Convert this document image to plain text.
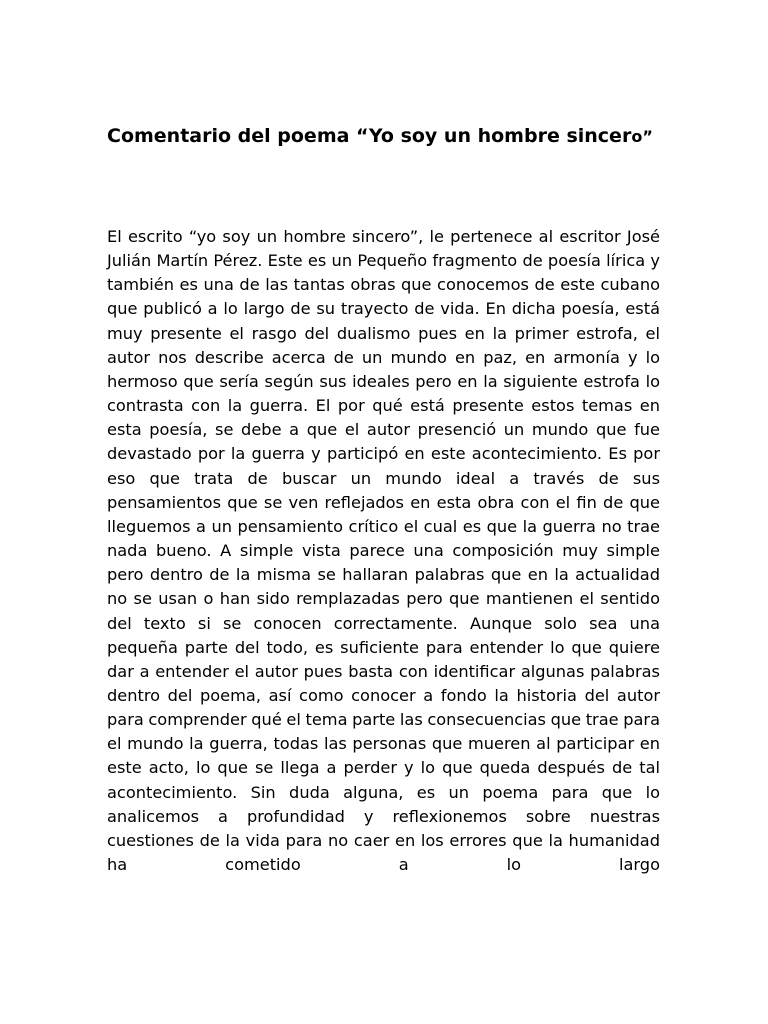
Comentario del poema “Yo soy un hombre sincero”

El escrito “yo soy un hombre sincero”, le pertenece al escritor José Julián Martín Pérez. Este es un Pequeño fragmento de poesía lírica y también es una de las tantas obras que conocemos de este cubano que publicó a lo largo de su trayecto de vida. En dicha poesía, está muy presente el rasgo del dualismo pues en la primer estrofa, el autor nos describe acerca de un mundo en paz, en armonía y lo hermoso que sería según sus ideales pero en la siguiente estrofa lo contrasta con la guerra. El por qué está presente estos temas en esta poesía, se debe a que el autor presenció un mundo que fue devastado por la guerra y participó en este acontecimiento. Es por eso que trata de buscar un mundo ideal a través de sus pensamientos que se ven reflejados en esta obra con el fin de que lleguemos a un pensamiento crítico el cual es que la guerra no trae nada bueno. A simple vista parece una composición muy simple pero dentro de la misma se hallaran palabras que en la actualidad no se usan o han sido remplazadas pero que mantienen el sentido del texto si se conocen correctamente. Aunque solo sea una pequeña parte del todo, es suficiente para entender lo que quiere dar a entender el autor pues basta con identificar algunas palabras dentro del poema, así como conocer a fondo la historia del autor para comprender qué el tema parte las consecuencias que trae para el mundo la guerra, todas las personas que mueren al participar en este acto, lo que se llega a perder y lo que queda después de tal acontecimiento. Sin duda alguna, es un poema para que lo analicemos a profundidad y reflexionemos sobre nuestras cuestiones de la vida para no caer en los errores que la humanidad ha cometido a lo largo
